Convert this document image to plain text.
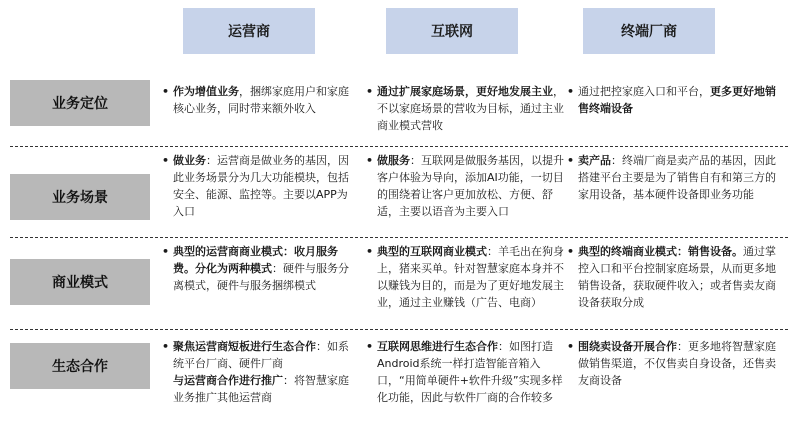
运营商	互联网	终端厂商
业务定位
业务场景
商业模式
生态合作
• 作为增值业务，捆绑家庭用户和家庭核心业务，同时带来额外收入
• 通过扩展家庭场景，更好地发展主业，不以家庭场景的营收为目标，通过主业商业模式营收
• 通过把控家庭入口和平台，更多更好地销售终端设备
• 做业务：运营商是做业务的基因，因此业务场景分为几大功能模块，包括安全、能源、监控等。主要以APP为入口
• 做服务：互联网是做服务基因，以提升客户体验为导向，添加AI功能，一切目的围绕着让客户更加放松、方便、舒适，主要以语音为主要入口
• 卖产品：终端厂商是卖产品的基因，因此搭建平台主要是为了销售自有和第三方的家用设备，基本硬件设备即业务功能
• 典型的运营商商业模式：收月服务费。分化为两种模式：硬件与服务分离模式，硬件与服务捆绑模式
• 典型的互联网商业模式：羊毛出在狗身上，猪来买单。针对智慧家庭本身并不以赚钱为目的，而是为了更好地发展主业，通过主业赚钱（广告、电商）
• 典型的终端商业模式：销售设备。通过掌控入口和平台控制家庭场景，从而更多地销售设备，获取硬件收入；或者售卖友商设备获取分成
• 聚焦运营商短板进行生态合作：如系统平台厂商、硬件厂商
与运营商合作进行推广：将智慧家庭业务推广其他运营商
• 互联网思维进行生态合作：如图打造Android系统一样打造智能音箱入口，“用简单硬件+软件升级”实现多样化功能，因此与软件厂商的合作较多
• 围绕卖设备开展合作：更多地将智慧家庭做销售渠道，不仅售卖自身设备，还售卖友商设备
